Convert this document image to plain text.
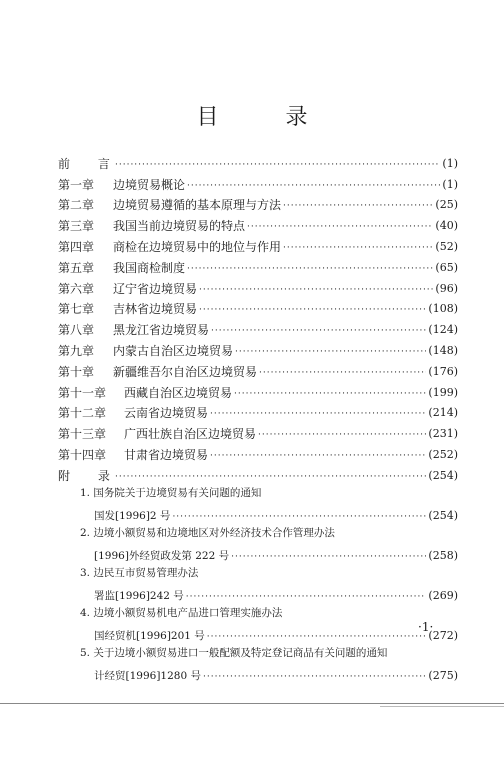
目 录
前 言 ·····	(1)
第一章	边境贸易概论 ·····	(1)
第二章	边境贸易遵循的基本原理与方法 ·····	(25)
第三章	我国当前边境贸易的特点 ·····	(40)
第四章	商检在边境贸易中的地位与作用 ·····	(52)
第五章	我国商检制度 ·····	(65)
第六章	辽宁省边境贸易 ·····	(96)
第七章	吉林省边境贸易 ·····	(108)
第八章	黑龙江省边境贸易 ·····	(124)
第九章	内蒙古自治区边境贸易 ·····	(148)
第十章	新疆维吾尔自治区边境贸易 ·····	(176)
第十一章	西藏自治区边境贸易 ·····	(199)
第十二章	云南省边境贸易 ·····	(214)
第十三章	广西壮族自治区边境贸易 ·····	(231)
第十四章	甘肃省边境贸易 ·····	(252)
附 录 ·····	(254)
1. 国务院关于边境贸易有关问题的通知
国发[1996]2 号 ·····	(254)
2. 边境小额贸易和边境地区对外经济技术合作管理办法
[1996]外经贸政发第 222 号 ·····	(258)
3. 边民互市贸易管理办法
署监[1996]242 号 ·····	(269)
4. 边境小额贸易机电产品进口管理实施办法
国经贸机[1996]201 号 ·····	(272)
5. 关于边境小额贸易进口一般配额及特定登记商品有关问题的通知
计经贸[1996]1280 号 ·····	(275)
·1·
